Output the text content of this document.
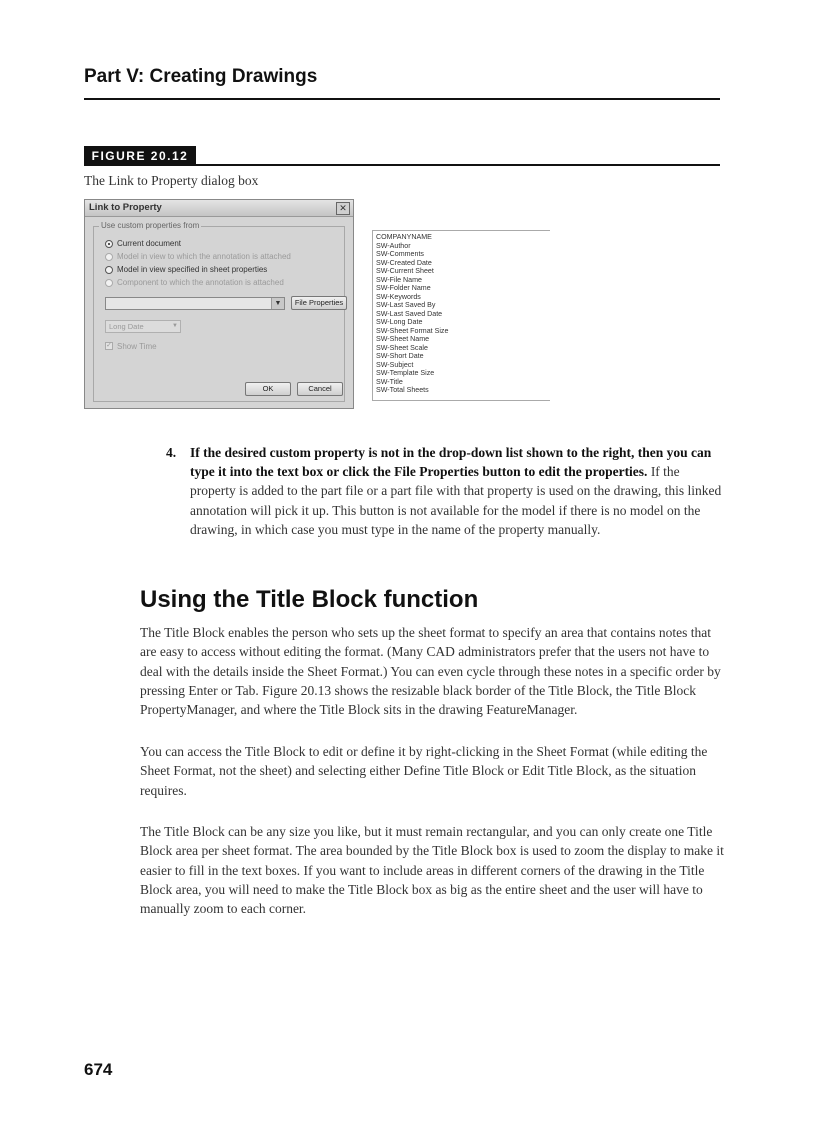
Part V: Creating Drawings
FIGURE 20.12
The Link to Property dialog box
Link to Property	✕
Use custom properties from
Current document
Model in view to which the annotation is attached
Model in view specified in sheet properties
Component to which the annotation is attached
▼	File Properties
Long Date	▼
✓ Show Time
OK	Cancel
COMPANYNAME
SW-Author
SW-Comments
SW-Created Date
SW-Current Sheet
SW-File Name
SW-Folder Name
SW-Keywords
SW-Last Saved By
SW-Last Saved Date
SW-Long Date
SW-Sheet Format Size
SW-Sheet Name
SW-Sheet Scale
SW-Short Date
SW-Subject
SW-Template Size
SW-Title
SW-Total Sheets
4. If the desired custom property is not in the drop-down list shown to the right, then you can type it into the text box or click the File Properties button to edit the properties. If the property is added to the part file or a part file with that property is used on the drawing, this linked annotation will pick it up. This button is not available for the model if there is no model on the drawing, in which case you must type in the name of the property manually.
Using the Title Block function

The Title Block enables the person who sets up the sheet format to specify an area that contains notes that are easy to access without editing the format. (Many CAD administrators prefer that the users not have to deal with the details inside the Sheet Format.) You can even cycle through these notes in a specific order by pressing Enter or Tab. Figure 20.13 shows the resizable black border of the Title Block, the Title Block PropertyManager, and where the Title Block sits in the drawing FeatureManager.

You can access the Title Block to edit or define it by right-clicking in the Sheet Format (while editing the Sheet Format, not the sheet) and selecting either Define Title Block or Edit Title Block, as the situation requires.

The Title Block can be any size you like, but it must remain rectangular, and you can only create one Title Block area per sheet format. The area bounded by the Title Block box is used to zoom the display to make it easier to fill in the text boxes. If you want to include areas in different corners of the drawing in the Title Block area, you will need to make the Title Block box as big as the entire sheet and the user will have to manually zoom to each corner.

674
